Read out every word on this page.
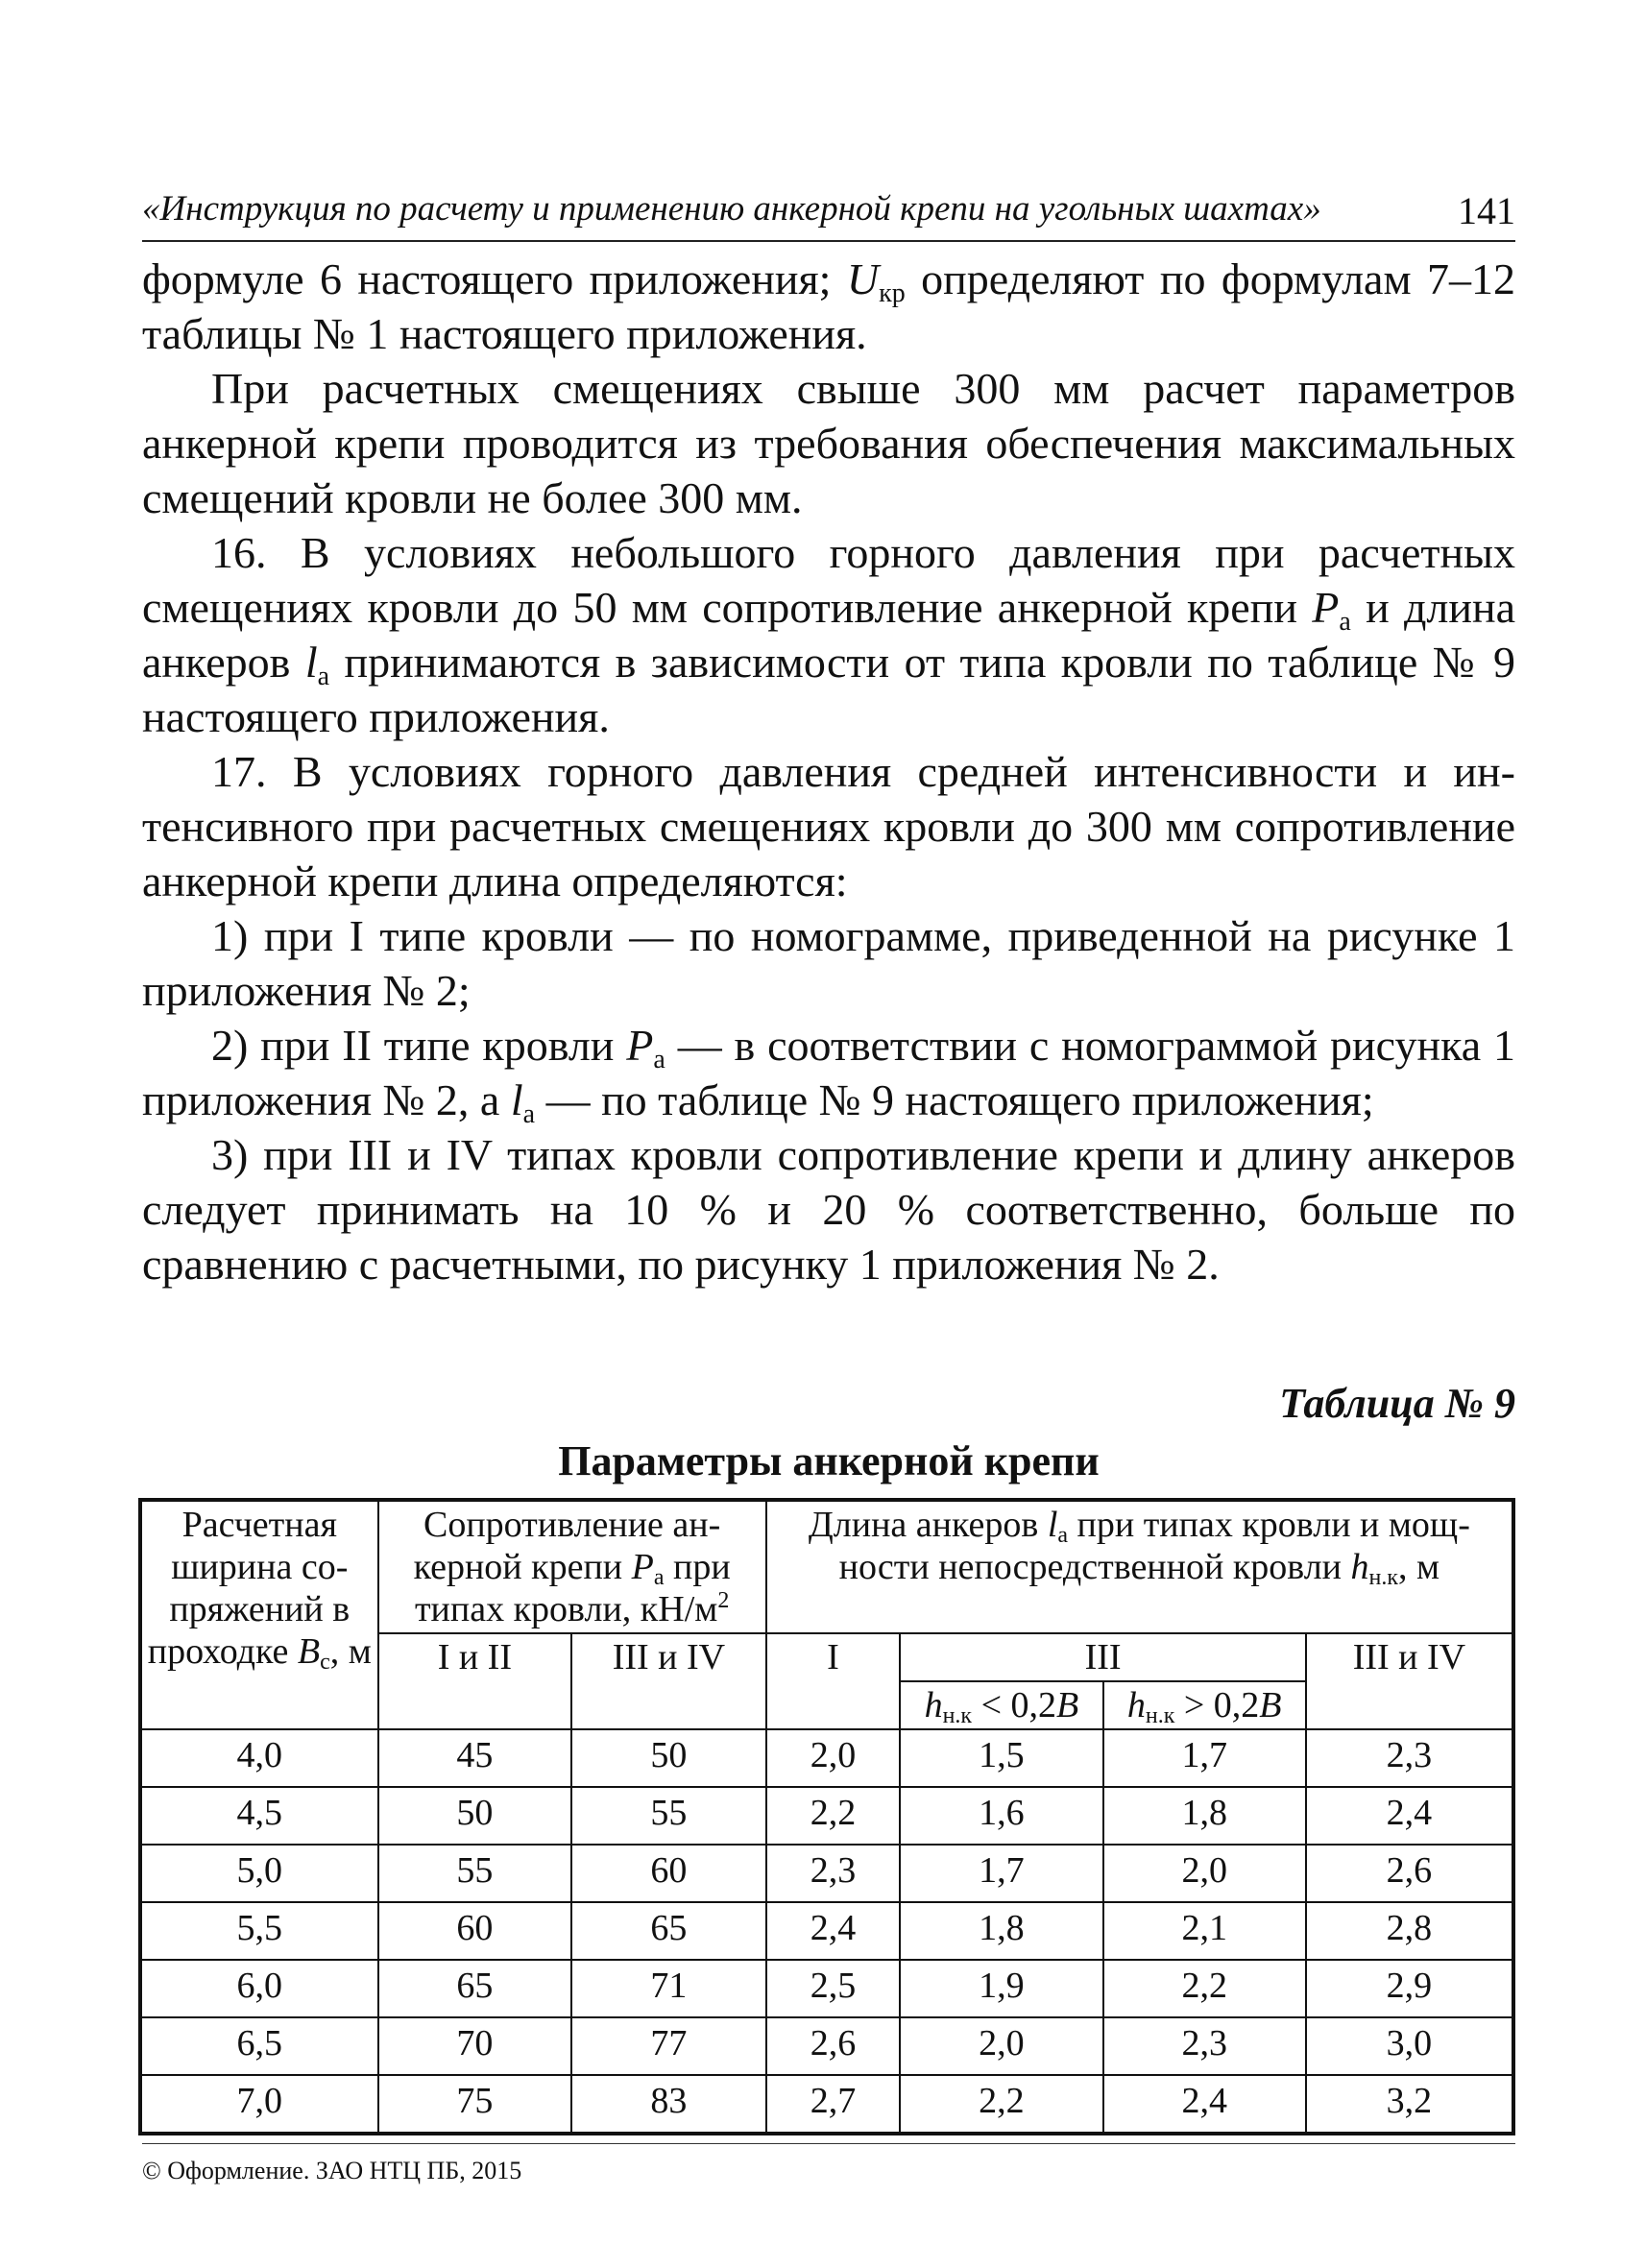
«Инструкция по расчету и применению анкерной крепи на угольных шахтах»	141

формуле 6 настоящего приложения; $U_{кр}$ определяют по формулам 7–12 таблицы № 1 настоящего приложения.

При расчетных смещениях свыше 300 мм расчет параметров анкерной крепи проводится из требования обеспечения максимальных смещений кровли не более 300 мм.

16. В условиях небольшого горного давления при расчетных смещениях кровли до 50 мм сопротивление анкерной крепи $P_а$ и длина анкеров $l_а$ принимаются в зависимости от типа кровли по таблице № 9 настоящего приложения.

17. В условиях горного давления средней интенсивности и интенсивного при расчетных смещениях кровли до 300 мм сопротивление анкерной крепи длина определяются:

1) при I типе кровли — по номограмме, приведенной на рисунке 1 приложения № 2;

2) при II типе кровли $P_а$ — в соответствии с номограммой рисунка 1 приложения № 2, а $l_а$ — по таблице № 9 настоящего приложения;

3) при III и IV типах кровли сопротивление крепи и длину анкеров следует принимать на 10 % и 20 % соответственно, больше по сравнению с расчетными, по рисунку 1 приложения № 2.

Таблица № 9
Параметры анкерной крепи
Расчетная ширина сопряжений в проходке $B_с$, м	Сопротивление анкерной крепи $P_а$ при типах кровли, $кН/м^2$		Длина анкеров $l_а$ при типах кровли и мощности непосредственной кровли $h_{н.к}$, м			
	I и II	III и IV	I	III		III и IV
				$h_{н.к} < 0,2B$	$h_{н.к} > 0,2B$	
4,0	45	50	2,0	1,5	1,7	2,3
4,5	50	55	2,2	1,6	1,8	2,4
5,0	55	60	2,3	1,7	2,0	2,6
5,5	60	65	2,4	1,8	2,1	2,8
6,0	65	71	2,5	1,9	2,2	2,9
6,5	70	77	2,6	2,0	2,3	3,0
7,0	75	83	2,7	2,2	2,4	3,2
© Оформление. ЗАО НТЦ ПБ, 2015
